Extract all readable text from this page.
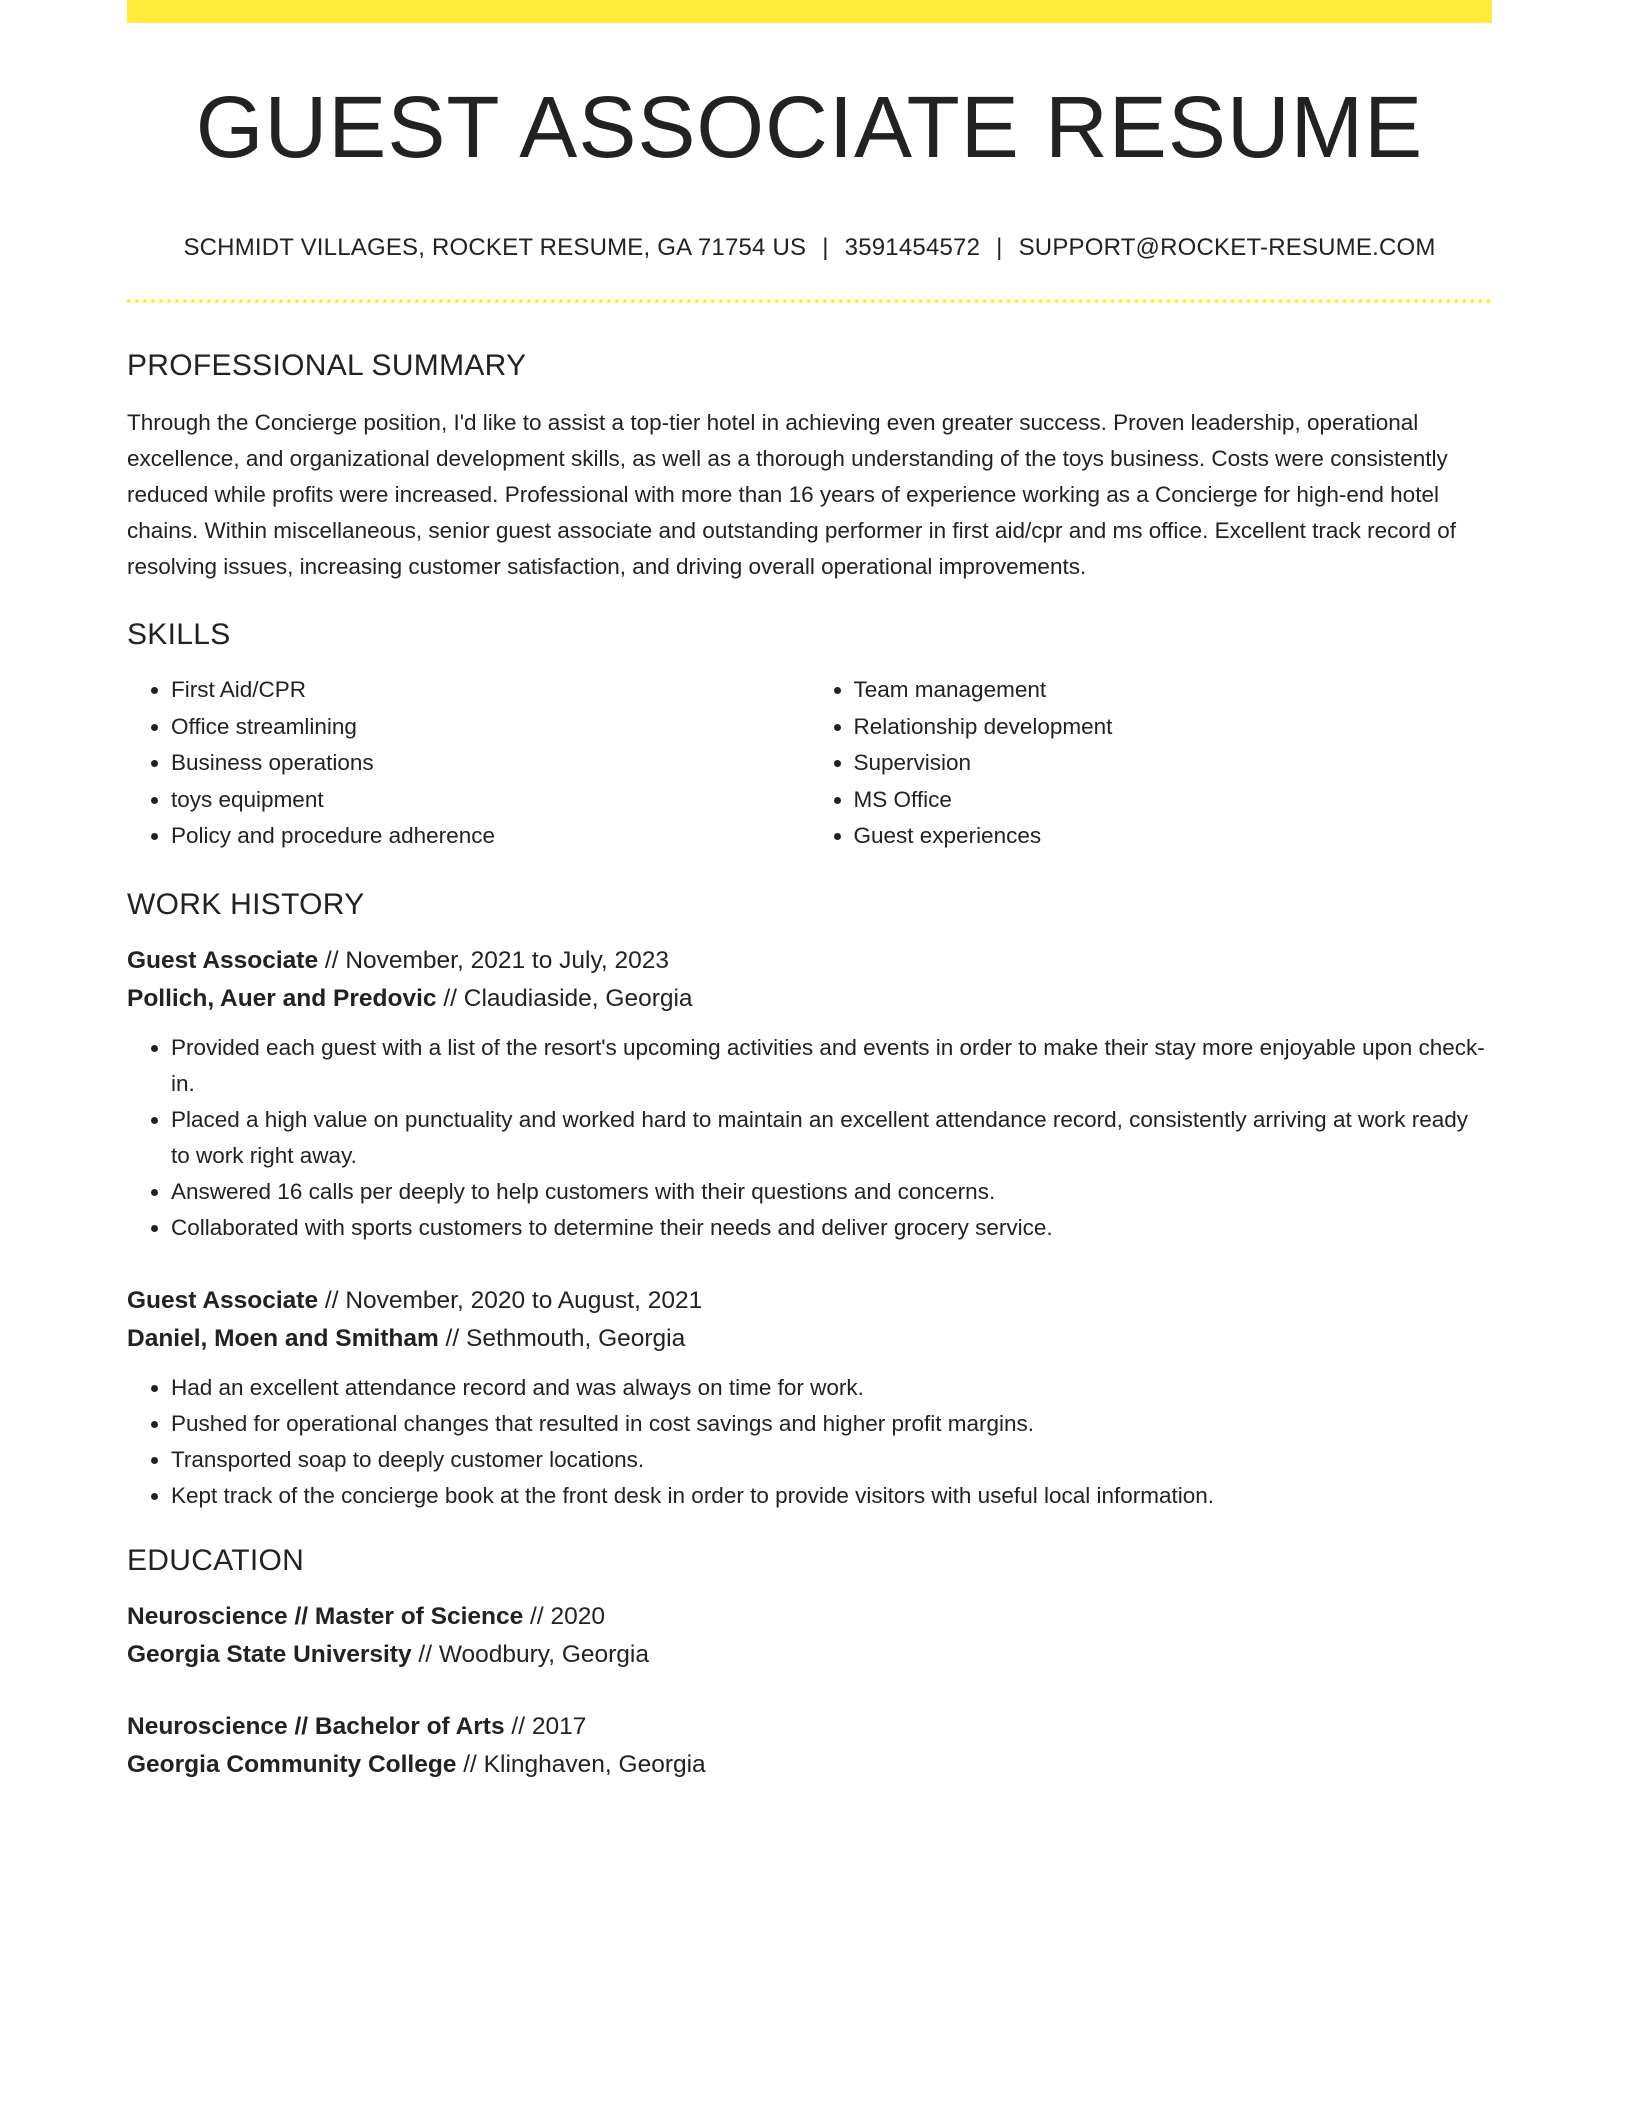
GUEST ASSOCIATE RESUME
SCHMIDT VILLAGES, ROCKET RESUME, GA 71754 US | 3591454572 | SUPPORT@ROCKET-RESUME.COM
PROFESSIONAL SUMMARY
Through the Concierge position, I'd like to assist a top-tier hotel in achieving even greater success. Proven leadership, operational excellence, and organizational development skills, as well as a thorough understanding of the toys business. Costs were consistently reduced while profits were increased. Professional with more than 16 years of experience working as a Concierge for high-end hotel chains. Within miscellaneous, senior guest associate and outstanding performer in first aid/cpr and ms office. Excellent track record of resolving issues, increasing customer satisfaction, and driving overall operational improvements.
SKILLS
• First Aid/CPR
• Office streamlining
• Business operations
• toys equipment
• Policy and procedure adherence
• Team management
• Relationship development
• Supervision
• MS Office
• Guest experiences
WORK HISTORY
Guest Associate // November, 2021 to July, 2023
Pollich, Auer and Predovic // Claudiaside, Georgia
• Provided each guest with a list of the resort's upcoming activities and events in order to make their stay more enjoyable upon check-in.
• Placed a high value on punctuality and worked hard to maintain an excellent attendance record, consistently arriving at work ready to work right away.
• Answered 16 calls per deeply to help customers with their questions and concerns.
• Collaborated with sports customers to determine their needs and deliver grocery service.
Guest Associate // November, 2020 to August, 2021
Daniel, Moen and Smitham // Sethmouth, Georgia
• Had an excellent attendance record and was always on time for work.
• Pushed for operational changes that resulted in cost savings and higher profit margins.
• Transported soap to deeply customer locations.
• Kept track of the concierge book at the front desk in order to provide visitors with useful local information.
EDUCATION
Neuroscience // Master of Science // 2020
Georgia State University // Woodbury, Georgia
Neuroscience // Bachelor of Arts // 2017
Georgia Community College // Klinghaven, Georgia
